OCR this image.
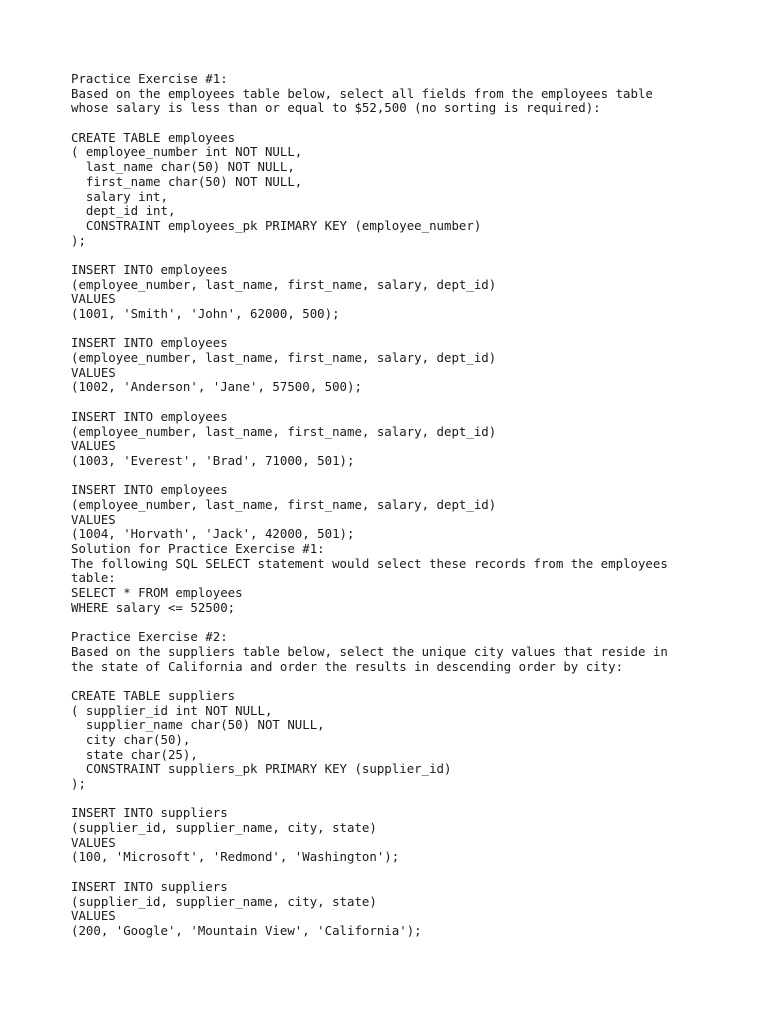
Practice Exercise #1:
Based on the employees table below, select all fields from the employees table
whose salary is less than or equal to $52,500 (no sorting is required):
CREATE TABLE employees
( employee_number int NOT NULL,
last_name char(50) NOT NULL,
first_name char(50) NOT NULL,
salary int,
dept_id int,
CONSTRAINT employees_pk PRIMARY KEY (employee_number)
);
INSERT INTO employees
(employee_number, last_name, first_name, salary, dept_id)
VALUES
(1001, 'Smith', 'John', 62000, 500);
INSERT INTO employees
(employee_number, last_name, first_name, salary, dept_id)
VALUES
(1002, 'Anderson', 'Jane', 57500, 500);
INSERT INTO employees
(employee_number, last_name, first_name, salary, dept_id)
VALUES
(1003, 'Everest', 'Brad', 71000, 501);
INSERT INTO employees
(employee_number, last_name, first_name, salary, dept_id)
VALUES
(1004, 'Horvath', 'Jack', 42000, 501);
Solution for Practice Exercise #1:
The following SQL SELECT statement would select these records from the employees
table:
SELECT * FROM employees
WHERE salary <= 52500;
Practice Exercise #2:
Based on the suppliers table below, select the unique city values that reside in
the state of California and order the results in descending order by city:
CREATE TABLE suppliers
( supplier_id int NOT NULL,
supplier_name char(50) NOT NULL,
city char(50),
state char(25),
CONSTRAINT suppliers_pk PRIMARY KEY (supplier_id)
);
INSERT INTO suppliers
(supplier_id, supplier_name, city, state)
VALUES
(100, 'Microsoft', 'Redmond', 'Washington');
INSERT INTO suppliers
(supplier_id, supplier_name, city, state)
VALUES
(200, 'Google', 'Mountain View', 'California');
